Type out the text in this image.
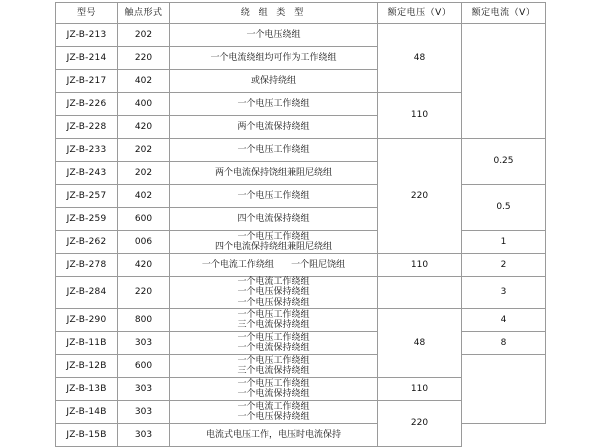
型号	触点形式	绕 组 类 型	额定电压（V）	额定电流（V）
JZ-B-213	202	一个电压绕组	48	
JZ-B-214	220	一个电流绕组均可作为工作绕组		

JZ-B-217	402	或保持绕组		

JZ-B-226	400	一个电压工作绕组	110	
JZ-B-228	420	两个电流保持绕组		

JZ-B-233	202	一个电压工作绕组	220	0.25
JZ-B-243	202	两个电流保持饶组兼阻尼绕组		

JZ-B-257	402	一个电压工作绕组		0.5
JZ-B-259	600	四个电流保持绕组		

JZ-B-262	006	一个电压工作绕组
四个电流保持绕组兼阻尼绕组		1
JZ-B-278	420	一个电流工作绕组      一个阻尼饶组	110	2
JZ-B-284	220	一个电流工作绕组
一个电压保持绕组
一个电压保持绕组		3
JZ-B-290	800	一个电压工作绕组
三个电流保持绕组	48	4
JZ-B-11B	303	一个电压工作绕组
一个电流保持绕组		8
JZ-B-12B	600	一个电压工作绕组
三个电流保持绕组		

JZ-B-13B	303	一个电压工作绕组
一个电流保持绕组	110	
JZ-B-14B	303	一个电流工作绕组
一个电压保持绕组	220	
JZ-B-15B	303	电流式电压工作，电压时电流保持		
